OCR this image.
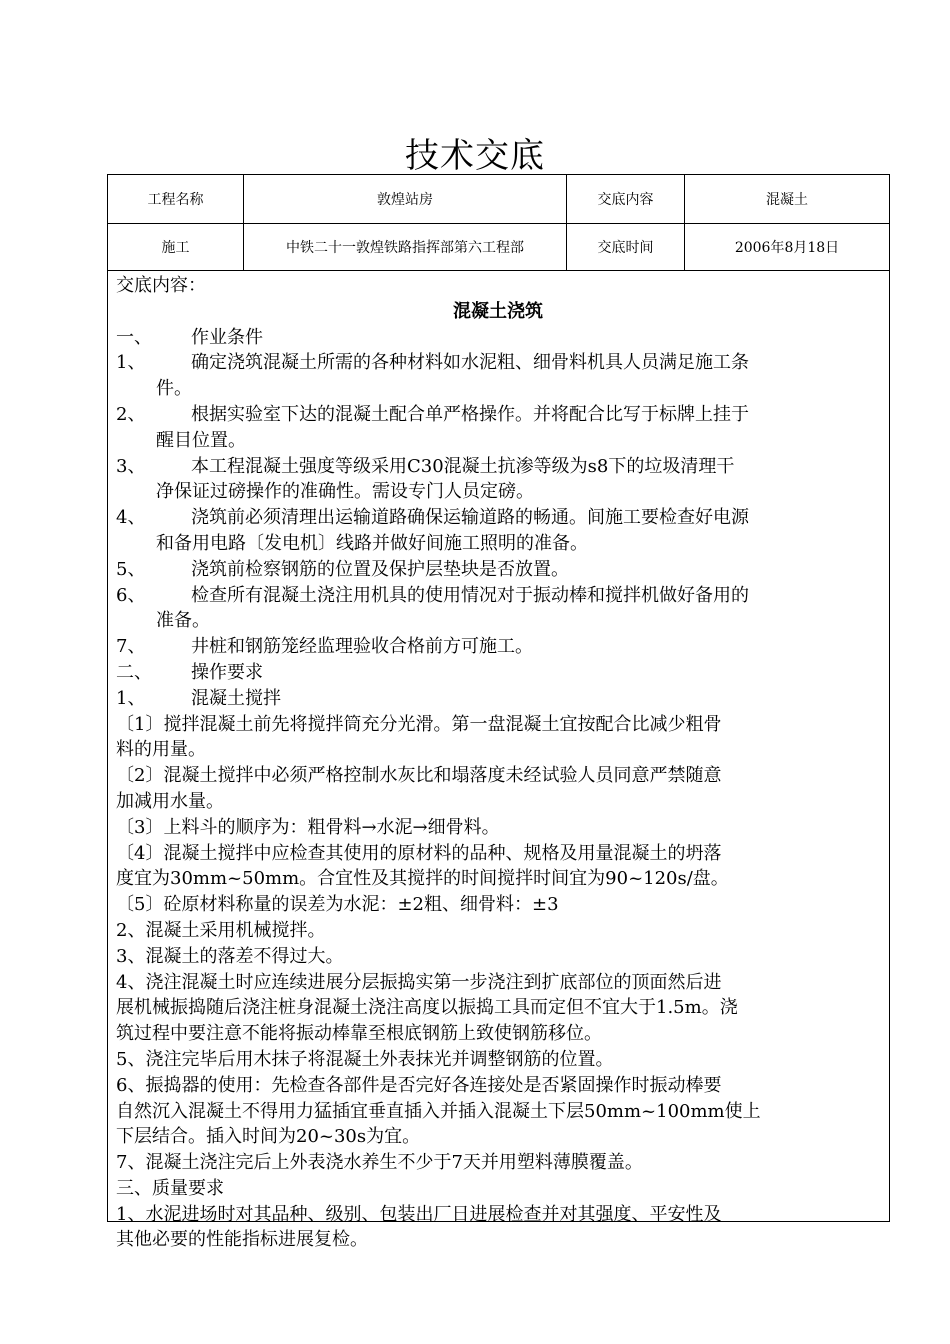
技术交底
工程名称	敦煌站房	交底内容	混凝土
施工	中铁二十一敦煌铁路指挥部第六工程部	交底时间	2006年8月18日
交底内容：
混凝土浇筑
一、	作业条件
1、	确定浇筑混凝土所需的各种材料如水泥粗、细骨料机具人员满足施工条
件。
2、	根据实验室下达的混凝土配合单严格操作。并将配合比写于标牌上挂于
醒目位置。
3、	本工程混凝土强度等级采用C30混凝土抗渗等级为s8下的垃圾清理干
净保证过磅操作的准确性。需设专门人员定磅。
4、	浇筑前必须清理出运输道路确保运输道路的畅通。间施工要检查好电源
和备用电路〔发电机〕线路并做好间施工照明的准备。
5、	浇筑前检察钢筋的位置及保护层垫块是否放置。
6、	检查所有混凝土浇注用机具的使用情况对于振动棒和搅拌机做好备用的
准备。
7、	井桩和钢筋笼经监理验收合格前方可施工。
二、	操作要求
1、	混凝土搅拌
〔1〕搅拌混凝土前先将搅拌筒充分光滑。第一盘混凝土宜按配合比减少粗骨
料的用量。
〔2〕混凝土搅拌中必须严格控制水灰比和塌落度未经试验人员同意严禁随意
加减用水量。
〔3〕上料斗的顺序为：粗骨料→水泥→细骨料。
〔4〕混凝土搅拌中应检查其使用的原材料的品种、规格及用量混凝土的坍落
度宜为30mm~50mm。合宜性及其搅拌的时间搅拌时间宜为90~120s/盘。
〔5〕砼原材料称量的误差为水泥：±2粗、细骨料：±3
2、混凝土采用机械搅拌。
3、混凝土的落差不得过大。
4、浇注混凝土时应连续进展分层振捣实第一步浇注到扩底部位的顶面然后进
展机械振捣随后浇注桩身混凝土浇注高度以振捣工具而定但不宜大于1.5m。浇
筑过程中要注意不能将振动棒靠至根底钢筋上致使钢筋移位。
5、浇注完毕后用木抹子将混凝土外表抹光并调整钢筋的位置。
6、振捣器的使用：先检查各部件是否完好各连接处是否紧固操作时振动棒要
自然沉入混凝土不得用力猛插宜垂直插入并插入混凝土下层50mm~100mm使上
下层结合。插入时间为20~30s为宜。
7、混凝土浇注完后上外表浇水养生不少于7天并用塑料薄膜覆盖。
三、质量要求
1、水泥进场时对其品种、级别、包装出厂日进展检查并对其强度、平安性及
其他必要的性能指标进展复检。
